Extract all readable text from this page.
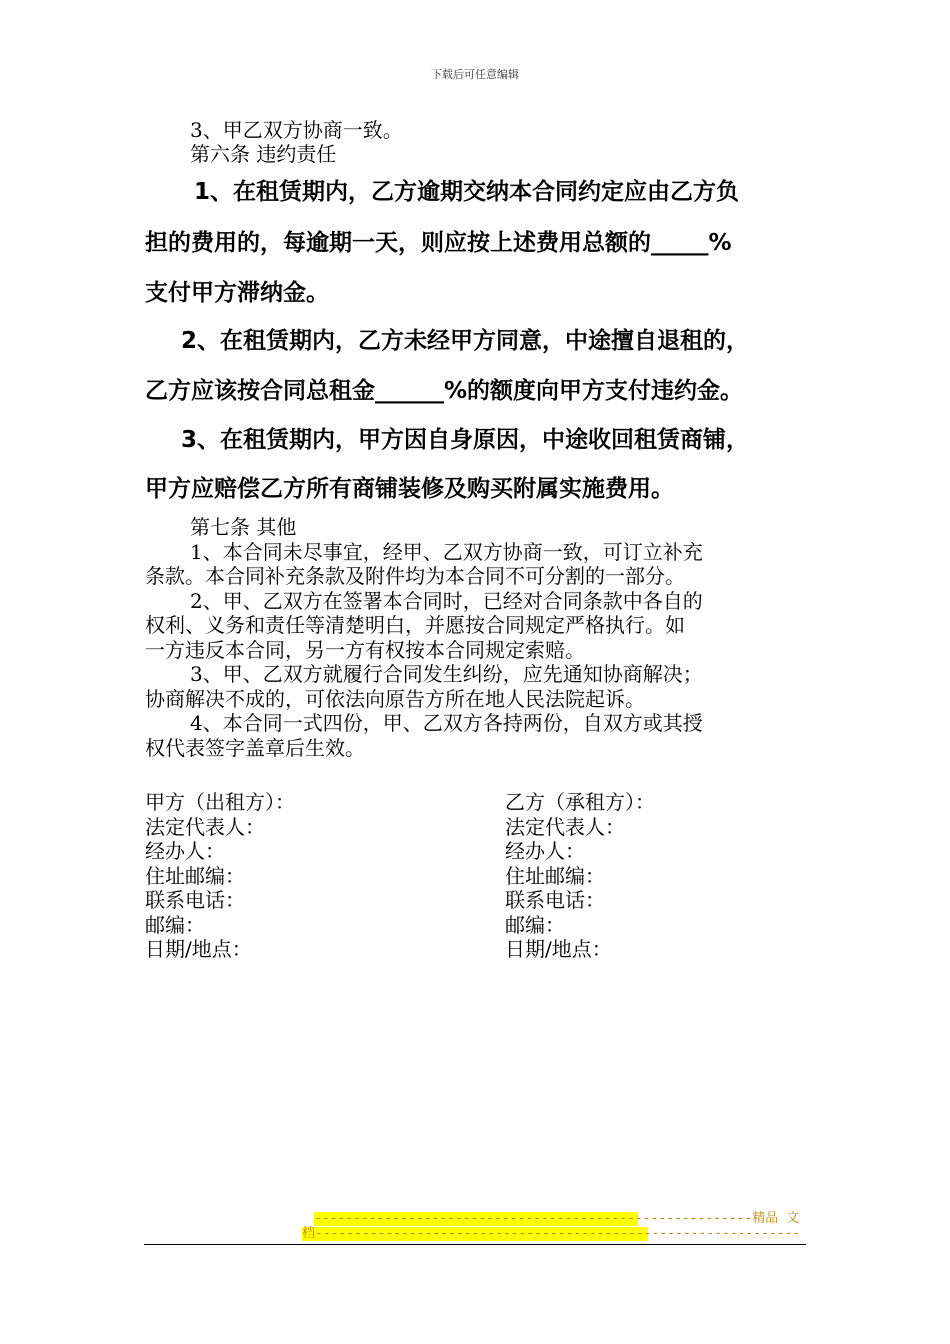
下载后可任意编辑
3、甲乙双方协商一致。
第六条 违约责任
1、在租赁期内，乙方逾期交纳本合同约定应由乙方负
担的费用的，每逾期一天，则应按上述费用总额的_____%
支付甲方滞纳金。
2、在租赁期内，乙方未经甲方同意，中途擅自退租的，
乙方应该按合同总租金______%的额度向甲方支付违约金。
3、在租赁期内，甲方因自身原因，中途收回租赁商铺，
甲方应赔偿乙方所有商铺装修及购买附属实施费用。
第七条 其他
1、本合同未尽事宜，经甲、乙双方协商一致，可订立补充
条款。本合同补充条款及附件均为本合同不可分割的一部分。
2、甲、乙双方在签署本合同时，已经对合同条款中各自的
权利、义务和责任等清楚明白，并愿按合同规定严格执行。如
一方违反本合同，另一方有权按本合同规定索赔。
3、甲、乙双方就履行合同发生纠纷，应先通知协商解决；
协商解决不成的，可依法向原告方所在地人民法院起诉。
4、本合同一式四份，甲、乙双方各持两份，自双方或其授
权代表签字盖章后生效。
甲方（出租方）：
法定代表人：
经办人：
住址邮编：
联系电话：
邮编：
日期/地点：
乙方（承租方）：
法定代表人：
经办人：
住址邮编：
联系电话：
邮编：
日期/地点：
--------------------------------------------------------精品 文
档--------------------------------------------------------------
